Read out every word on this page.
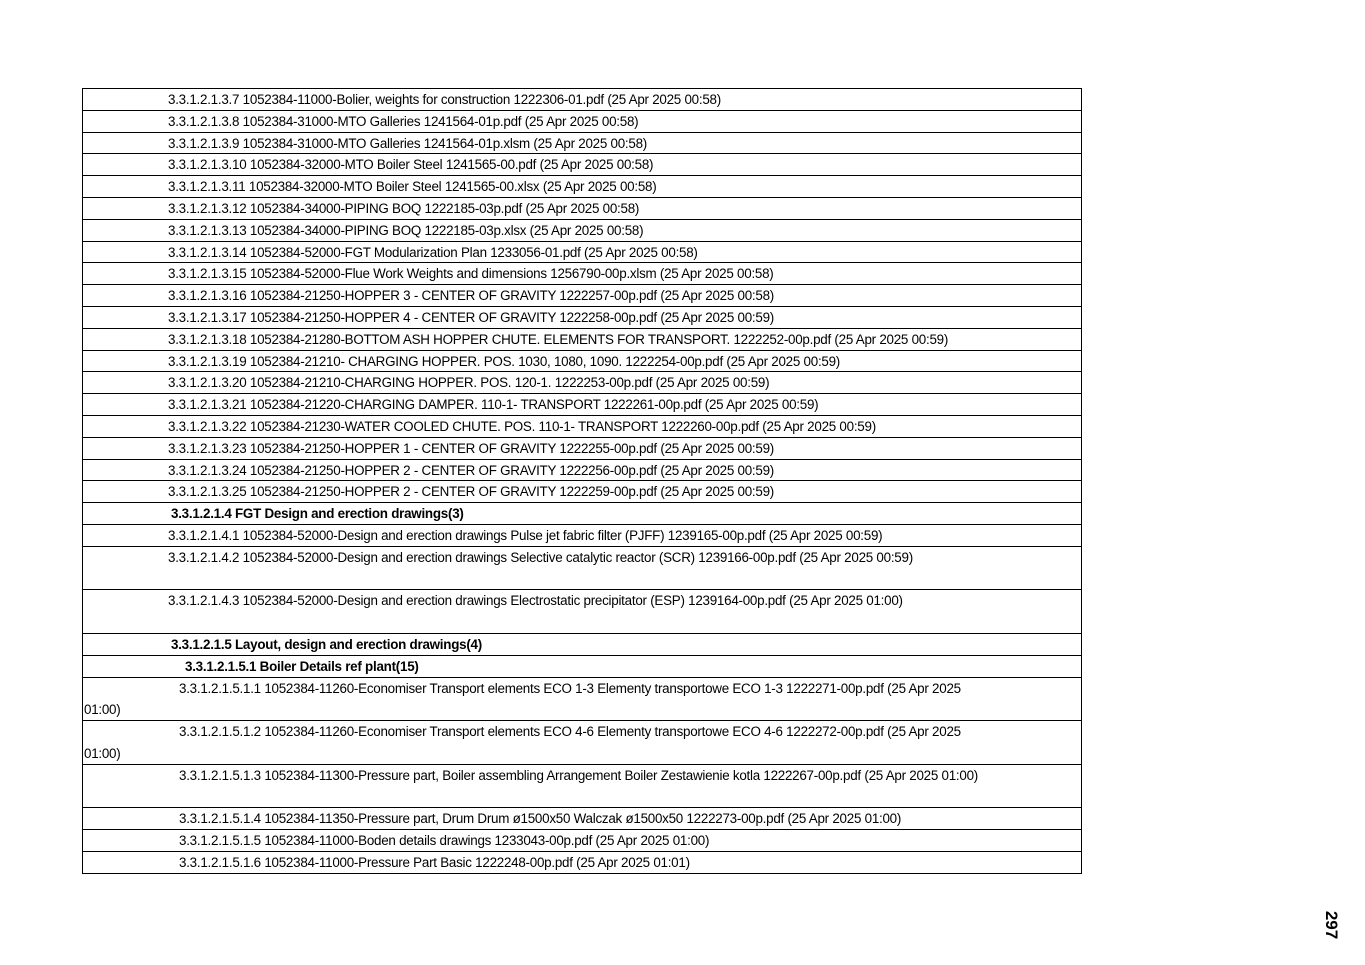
3.3.1.2.1.3.7 1052384-11000-Bolier, weights for construction 1222306-01.pdf (25 Apr 2025 00:58)
3.3.1.2.1.3.8 1052384-31000-MTO Galleries 1241564-01p.pdf (25 Apr 2025 00:58)
3.3.1.2.1.3.9 1052384-31000-MTO Galleries 1241564-01p.xlsm (25 Apr 2025 00:58)
3.3.1.2.1.3.10 1052384-32000-MTO Boiler Steel 1241565-00.pdf (25 Apr 2025 00:58)
3.3.1.2.1.3.11 1052384-32000-MTO Boiler Steel 1241565-00.xlsx (25 Apr 2025 00:58)
3.3.1.2.1.3.12 1052384-34000-PIPING BOQ 1222185-03p.pdf (25 Apr 2025 00:58)
3.3.1.2.1.3.13 1052384-34000-PIPING BOQ 1222185-03p.xlsx (25 Apr 2025 00:58)
3.3.1.2.1.3.14 1052384-52000-FGT Modularization Plan 1233056-01.pdf (25 Apr 2025 00:58)
3.3.1.2.1.3.15 1052384-52000-Flue Work Weights and dimensions 1256790-00p.xlsm (25 Apr 2025 00:58)
3.3.1.2.1.3.16 1052384-21250-HOPPER 3 - CENTER OF GRAVITY 1222257-00p.pdf (25 Apr 2025 00:58)
3.3.1.2.1.3.17 1052384-21250-HOPPER 4 - CENTER OF GRAVITY 1222258-00p.pdf (25 Apr 2025 00:59)
3.3.1.2.1.3.18 1052384-21280-BOTTOM ASH HOPPER CHUTE. ELEMENTS FOR TRANSPORT. 1222252-00p.pdf (25 Apr 2025 00:59)
3.3.1.2.1.3.19 1052384-21210- CHARGING HOPPER. POS. 1030, 1080, 1090. 1222254-00p.pdf (25 Apr 2025 00:59)
3.3.1.2.1.3.20 1052384-21210-CHARGING HOPPER. POS. 120-1. 1222253-00p.pdf (25 Apr 2025 00:59)
3.3.1.2.1.3.21 1052384-21220-CHARGING DAMPER. 110-1- TRANSPORT 1222261-00p.pdf (25 Apr 2025 00:59)
3.3.1.2.1.3.22 1052384-21230-WATER COOLED CHUTE. POS. 110-1- TRANSPORT 1222260-00p.pdf (25 Apr 2025 00:59)
3.3.1.2.1.3.23 1052384-21250-HOPPER 1 - CENTER OF GRAVITY 1222255-00p.pdf (25 Apr 2025 00:59)
3.3.1.2.1.3.24 1052384-21250-HOPPER 2 - CENTER OF GRAVITY 1222256-00p.pdf (25 Apr 2025 00:59)
3.3.1.2.1.3.25 1052384-21250-HOPPER 2 - CENTER OF GRAVITY 1222259-00p.pdf (25 Apr 2025 00:59)
3.3.1.2.1.4 FGT Design and erection drawings(3)
3.3.1.2.1.4.1 1052384-52000-Design and erection drawings Pulse jet fabric filter (PJFF) 1239165-00p.pdf (25 Apr 2025 00:59)
3.3.1.2.1.4.2 1052384-52000-Design and erection drawings Selective catalytic reactor (SCR) 1239166-00p.pdf (25 Apr 2025 00:59)
3.3.1.2.1.4.3 1052384-52000-Design and erection drawings Electrostatic precipitator (ESP) 1239164-00p.pdf (25 Apr 2025 01:00)
3.3.1.2.1.5 Layout, design and erection drawings(4)
3.3.1.2.1.5.1 Boiler Details ref plant(15)
3.3.1.2.1.5.1.1 1052384-11260-Economiser Transport elements ECO 1-3 Elementy transportowe ECO 1-3 1222271-00p.pdf (25 Apr 2025
01:00)
3.3.1.2.1.5.1.2 1052384-11260-Economiser Transport elements ECO 4-6 Elementy transportowe ECO 4-6 1222272-00p.pdf (25 Apr 2025
01:00)
3.3.1.2.1.5.1.3 1052384-11300-Pressure part, Boiler assembling Arrangement Boiler Zestawienie kotla 1222267-00p.pdf (25 Apr 2025 01:00)
3.3.1.2.1.5.1.4 1052384-11350-Pressure part, Drum Drum ø1500x50 Walczak ø1500x50 1222273-00p.pdf (25 Apr 2025 01:00)
3.3.1.2.1.5.1.5 1052384-11000-Boden details drawings 1233043-00p.pdf (25 Apr 2025 01:00)
3.3.1.2.1.5.1.6 1052384-11000-Pressure Part Basic 1222248-00p.pdf (25 Apr 2025 01:01)
297
